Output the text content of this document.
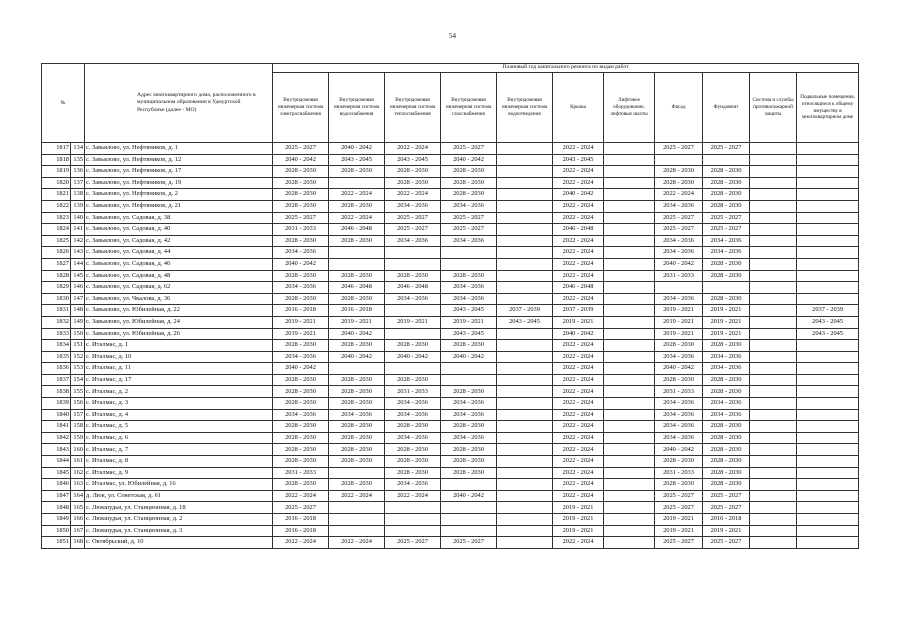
54
№		Адрес многоквартирного дома, расположенного в муниципальном образовании в Удмуртской Республике (далее - МО)	Плановый год капитального ремонта по видам работ										
			Внутридомовая инженерная система электроснабжения	Внутридомовая инженерная система водоснабжения	Внутридомовая инженерная система теплоснабжения	Внутридомовая инженерная система газоснабжения	Внутридомовая инженерная система водоотведения	Крыша	Лифтовое оборудование, лифтовые шахты	Фасад	Фундамент	Система и службы противопожарной защиты	Подвальные помещения, относящиеся к общему имуществу в многоквартирном доме
1817	134	с. Завьялово, ул. Нефтяников, д. 1	2025 - 2027	2040 - 2042	2022 - 2024	2025 - 2027		2022 - 2024		2025 - 2027	2025 - 2027		
1818	135	с. Завьялово, ул. Нефтяников, д. 12	2040 - 2042	2043 - 2045	2043 - 2045	2040 - 2042		2043 - 2045					
1819	136	с. Завьялово, ул. Нефтяников, д. 17	2028 - 2030	2028 - 2030	2028 - 2030	2028 - 2030		2022 - 2024		2028 - 2030	2028 - 2030		
1820	137	с. Завьялово, ул. Нефтяников, д. 19	2028 - 2030		2028 - 2030	2028 - 2030		2022 - 2024		2028 - 2030	2028 - 2030		
1821	138	с. Завьялово, ул. Нефтяников, д. 2	2028 - 2030	2022 - 2024	2022 - 2024	2028 - 2030		2040 - 2042		2022 - 2024	2028 - 2030		
1822	139	с. Завьялово, ул. Нефтяников, д. 21	2028 - 2030	2028 - 2030	2034 - 2036	2034 - 2036		2022 - 2024		2034 - 2036	2028 - 2030		
1823	140	с. Завьялово, ул. Садовая, д. 38	2025 - 2027	2022 - 2024	2025 - 2027	2025 - 2027		2022 - 2024		2025 - 2027	2025 - 2027		
1824	141	с. Завьялово, ул. Садовая, д. 40	2031 - 2033	2046 - 2048	2025 - 2027	2025 - 2027		2046 - 2048		2025 - 2027	2025 - 2027		
1825	142	с. Завьялово, ул. Садовая, д. 42	2028 - 2030	2028 - 2030	2034 - 2036	2034 - 2036		2022 - 2024		2034 - 2036	2034 - 2036		
1826	143	с. Завьялово, ул. Садовая, д. 44	2034 - 2036					2022 - 2024		2034 - 2036	2034 - 2036		
1827	144	с. Завьялово, ул. Садовая, д. 46	2040 - 2042					2022 - 2024		2040 - 2042	2028 - 2030		
1828	145	с. Завьялово, ул. Садовая, д. 48	2028 - 2030	2028 - 2030	2028 - 2030	2028 - 2030		2022 - 2024		2031 - 2033	2028 - 2030		
1829	146	с. Завьялово, ул. Садовая, д. 62	2034 - 2036	2046 - 2048	2046 - 2048	2034 - 2036		2046 - 2048					
1830	147	с. Завьялово, ул. Чкалова, д. 36	2028 - 2030	2028 - 2030	2034 - 2036	2034 - 2036		2022 - 2024		2034 - 2036	2028 - 2030		
1831	148	с. Завьялово, ул. Юбилейная, д. 22	2016 - 2018	2016 - 2018		2043 - 2045	2037 - 2039	2037 - 2039		2019 - 2021	2019 - 2021		2037 - 2039
1832	149	с. Завьялово, ул. Юбилейная, д. 24	2019 - 2021	2019 - 2021	2019 - 2021	2019 - 2021	2043 - 2045	2019 - 2021		2019 - 2021	2019 - 2021		2043 - 2045
1833	150	с. Завьялово, ул. Юбилейная, д. 26	2019 - 2021	2040 - 2042		2043 - 2045		2040 - 2042		2019 - 2021	2019 - 2021		2043 - 2045
1834	151	с. Италмас, д. 1	2028 - 2030	2028 - 2030	2028 - 2030	2028 - 2030		2022 - 2024		2028 - 2030	2028 - 2030		
1835	152	с. Италмас, д. 10	2034 - 2036	2040 - 2042	2040 - 2042	2040 - 2042		2022 - 2024		2034 - 2036	2034 - 2036		
1836	153	с. Италмас, д. 11	2040 - 2042					2022 - 2024		2040 - 2042	2034 - 2036		
1837	154	с. Италмас, д. 17	2028 - 2030	2028 - 2030	2028 - 2030			2022 - 2024		2028 - 2030	2028 - 2030		
1838	155	с. Италмас, д. 2	2028 - 2030	2028 - 2030	2031 - 2033	2028 - 2030		2022 - 2024		2031 - 2033	2028 - 2030		
1839	156	с. Италмас, д. 3	2028 - 2030	2028 - 2030	2034 - 2036	2034 - 2036		2022 - 2024		2034 - 2036	2034 - 2036		
1840	157	с. Италмас, д. 4	2034 - 2036	2034 - 2036	2034 - 2036	2034 - 2036		2022 - 2024		2034 - 2036	2034 - 2036		
1841	158	с. Италмас, д. 5	2028 - 2030	2028 - 2030	2028 - 2030	2028 - 2030		2022 - 2024		2034 - 2036	2028 - 2030		
1842	159	с. Италмас, д. 6	2028 - 2030	2028 - 2030	2034 - 2036	2034 - 2036		2022 - 2024		2034 - 2036	2028 - 2030		
1843	160	с. Италмас, д. 7	2028 - 2030	2028 - 2030	2028 - 2030	2028 - 2030		2022 - 2024		2040 - 2042	2028 - 2030		
1844	161	с. Италмас, д. 8	2028 - 2030	2028 - 2030	2028 - 2030	2028 - 2030		2022 - 2024		2028 - 2030	2028 - 2030		
1845	162	с. Италмас, д. 9	2031 - 2033		2028 - 2030	2028 - 2030		2022 - 2024		2031 - 2033	2028 - 2030		
1846	163	с. Италмас, ул. Юбилейная, д. 16	2028 - 2030	2028 - 2030	2034 - 2036			2022 - 2024		2028 - 2030	2028 - 2030		
1847	164	д. Люк, ул. Советская, д. 61	2022 - 2024	2022 - 2024	2022 - 2024	2040 - 2042		2022 - 2024		2025 - 2027	2025 - 2027		
1848	165	с. Люкшудья, ул. Станционная, д. 18	2025 - 2027					2019 - 2021		2025 - 2027	2025 - 2027		
1849	166	с. Люкшудья, ул. Станционная, д. 2	2016 - 2018					2019 - 2021		2019 - 2021	2016 - 2018		
1850	167	с. Люкшудья, ул. Станционная, д. 3	2016 - 2018					2019 - 2021		2019 - 2021	2019 - 2021		
1851	168	с. Октябрьский, д. 10	2022 - 2024	2022 - 2024	2025 - 2027	2025 - 2027		2022 - 2024		2025 - 2027	2025 - 2027		
